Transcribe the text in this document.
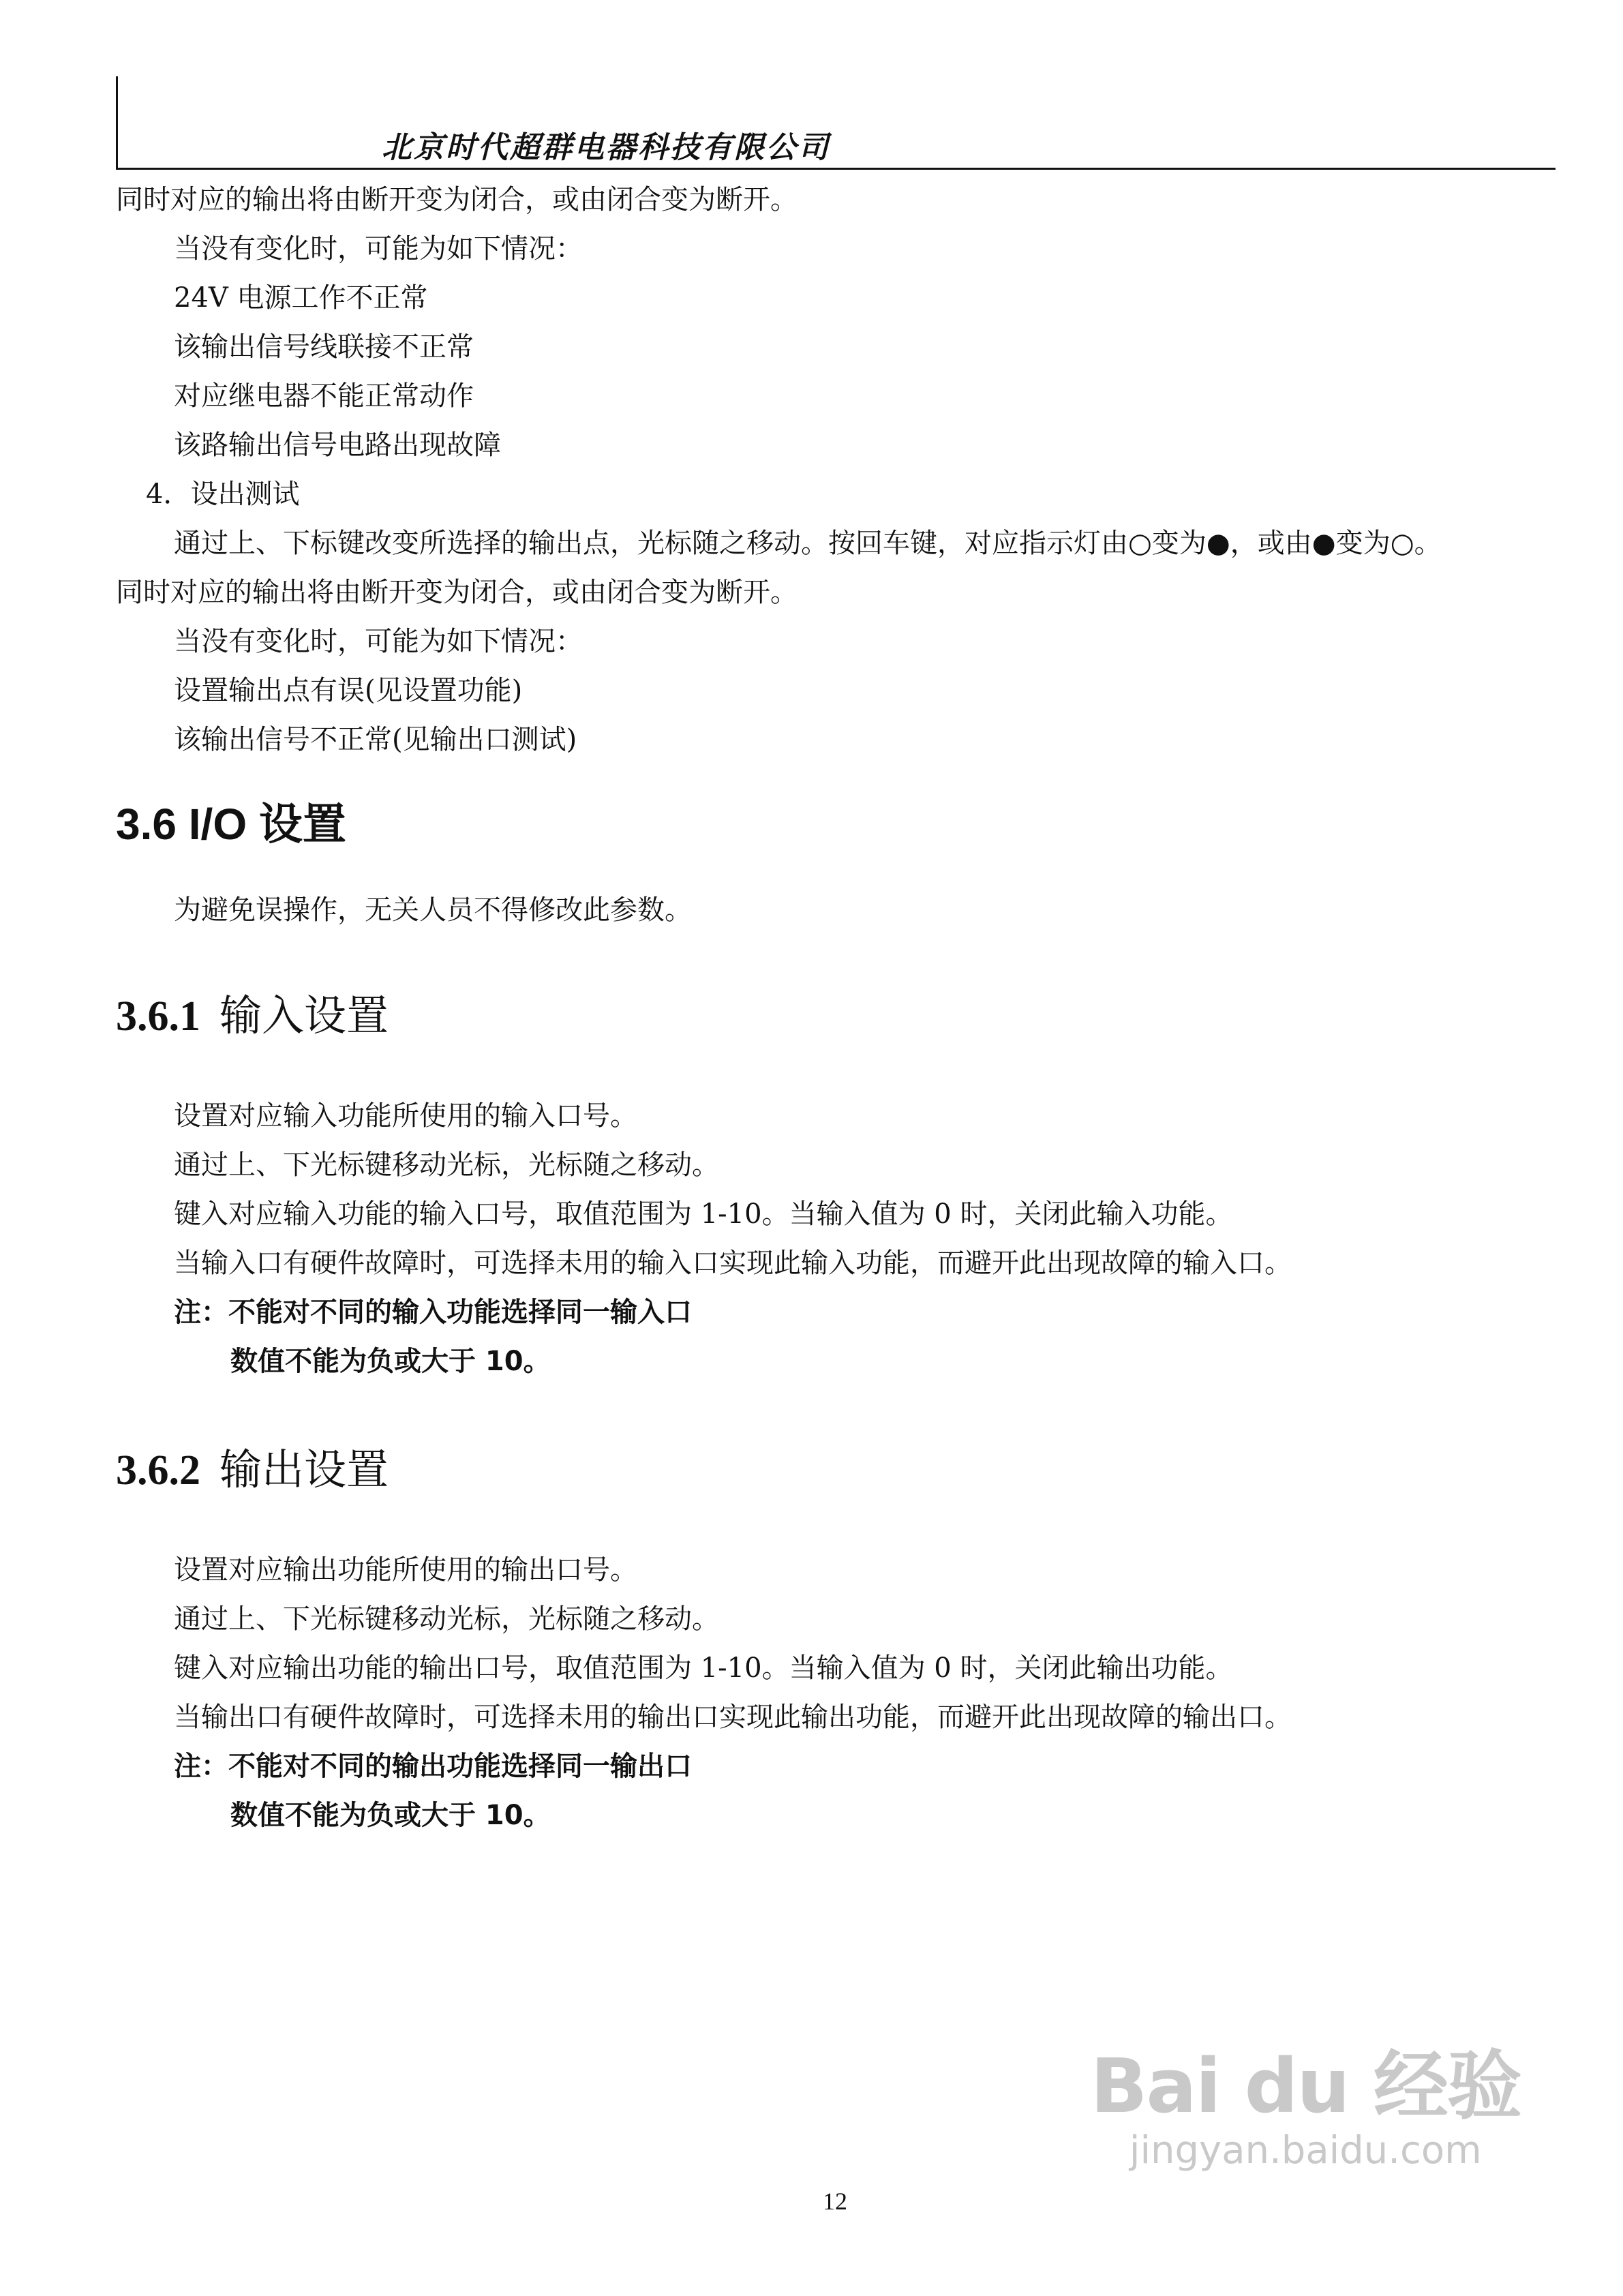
北京时代超群电器科技有限公司
同时对应的输出将由断开变为闭合，或由闭合变为断开。
当没有变化时，可能为如下情况：
24V 电源工作不正常
该输出信号线联接不正常
对应继电器不能正常动作
该路输出信号电路出现故障
4．设出测试
通过上、下标键改变所选择的输出点，光标随之移动。按回车键，对应指示灯由○变为●，或由●变为○。
同时对应的输出将由断开变为闭合，或由闭合变为断开。
当没有变化时，可能为如下情况：
设置输出点有误(见设置功能)
该输出信号不正常(见输出口测试)
3.6 I/O 设置
为避免误操作，无关人员不得修改此参数。
3.6.1 输入设置
设置对应输入功能所使用的输入口号。
通过上、下光标键移动光标，光标随之移动。
键入对应输入功能的输入口号，取值范围为 1-10。当输入值为 0 时，关闭此输入功能。
当输入口有硬件故障时，可选择未用的输入口实现此输入功能，而避开此出现故障的输入口。
注：不能对不同的输入功能选择同一输入口
数值不能为负或大于 10。
3.6.2 输出设置
设置对应输出功能所使用的输出口号。
通过上、下光标键移动光标，光标随之移动。
键入对应输出功能的输出口号，取值范围为 1-10。当输入值为 0 时，关闭此输出功能。
当输出口有硬件故障时，可选择未用的输出口实现此输出功能，而避开此出现故障的输出口。
注：不能对不同的输出功能选择同一输出口
数值不能为负或大于 10。
Bai du 经验
jingyan.baidu.com
12
